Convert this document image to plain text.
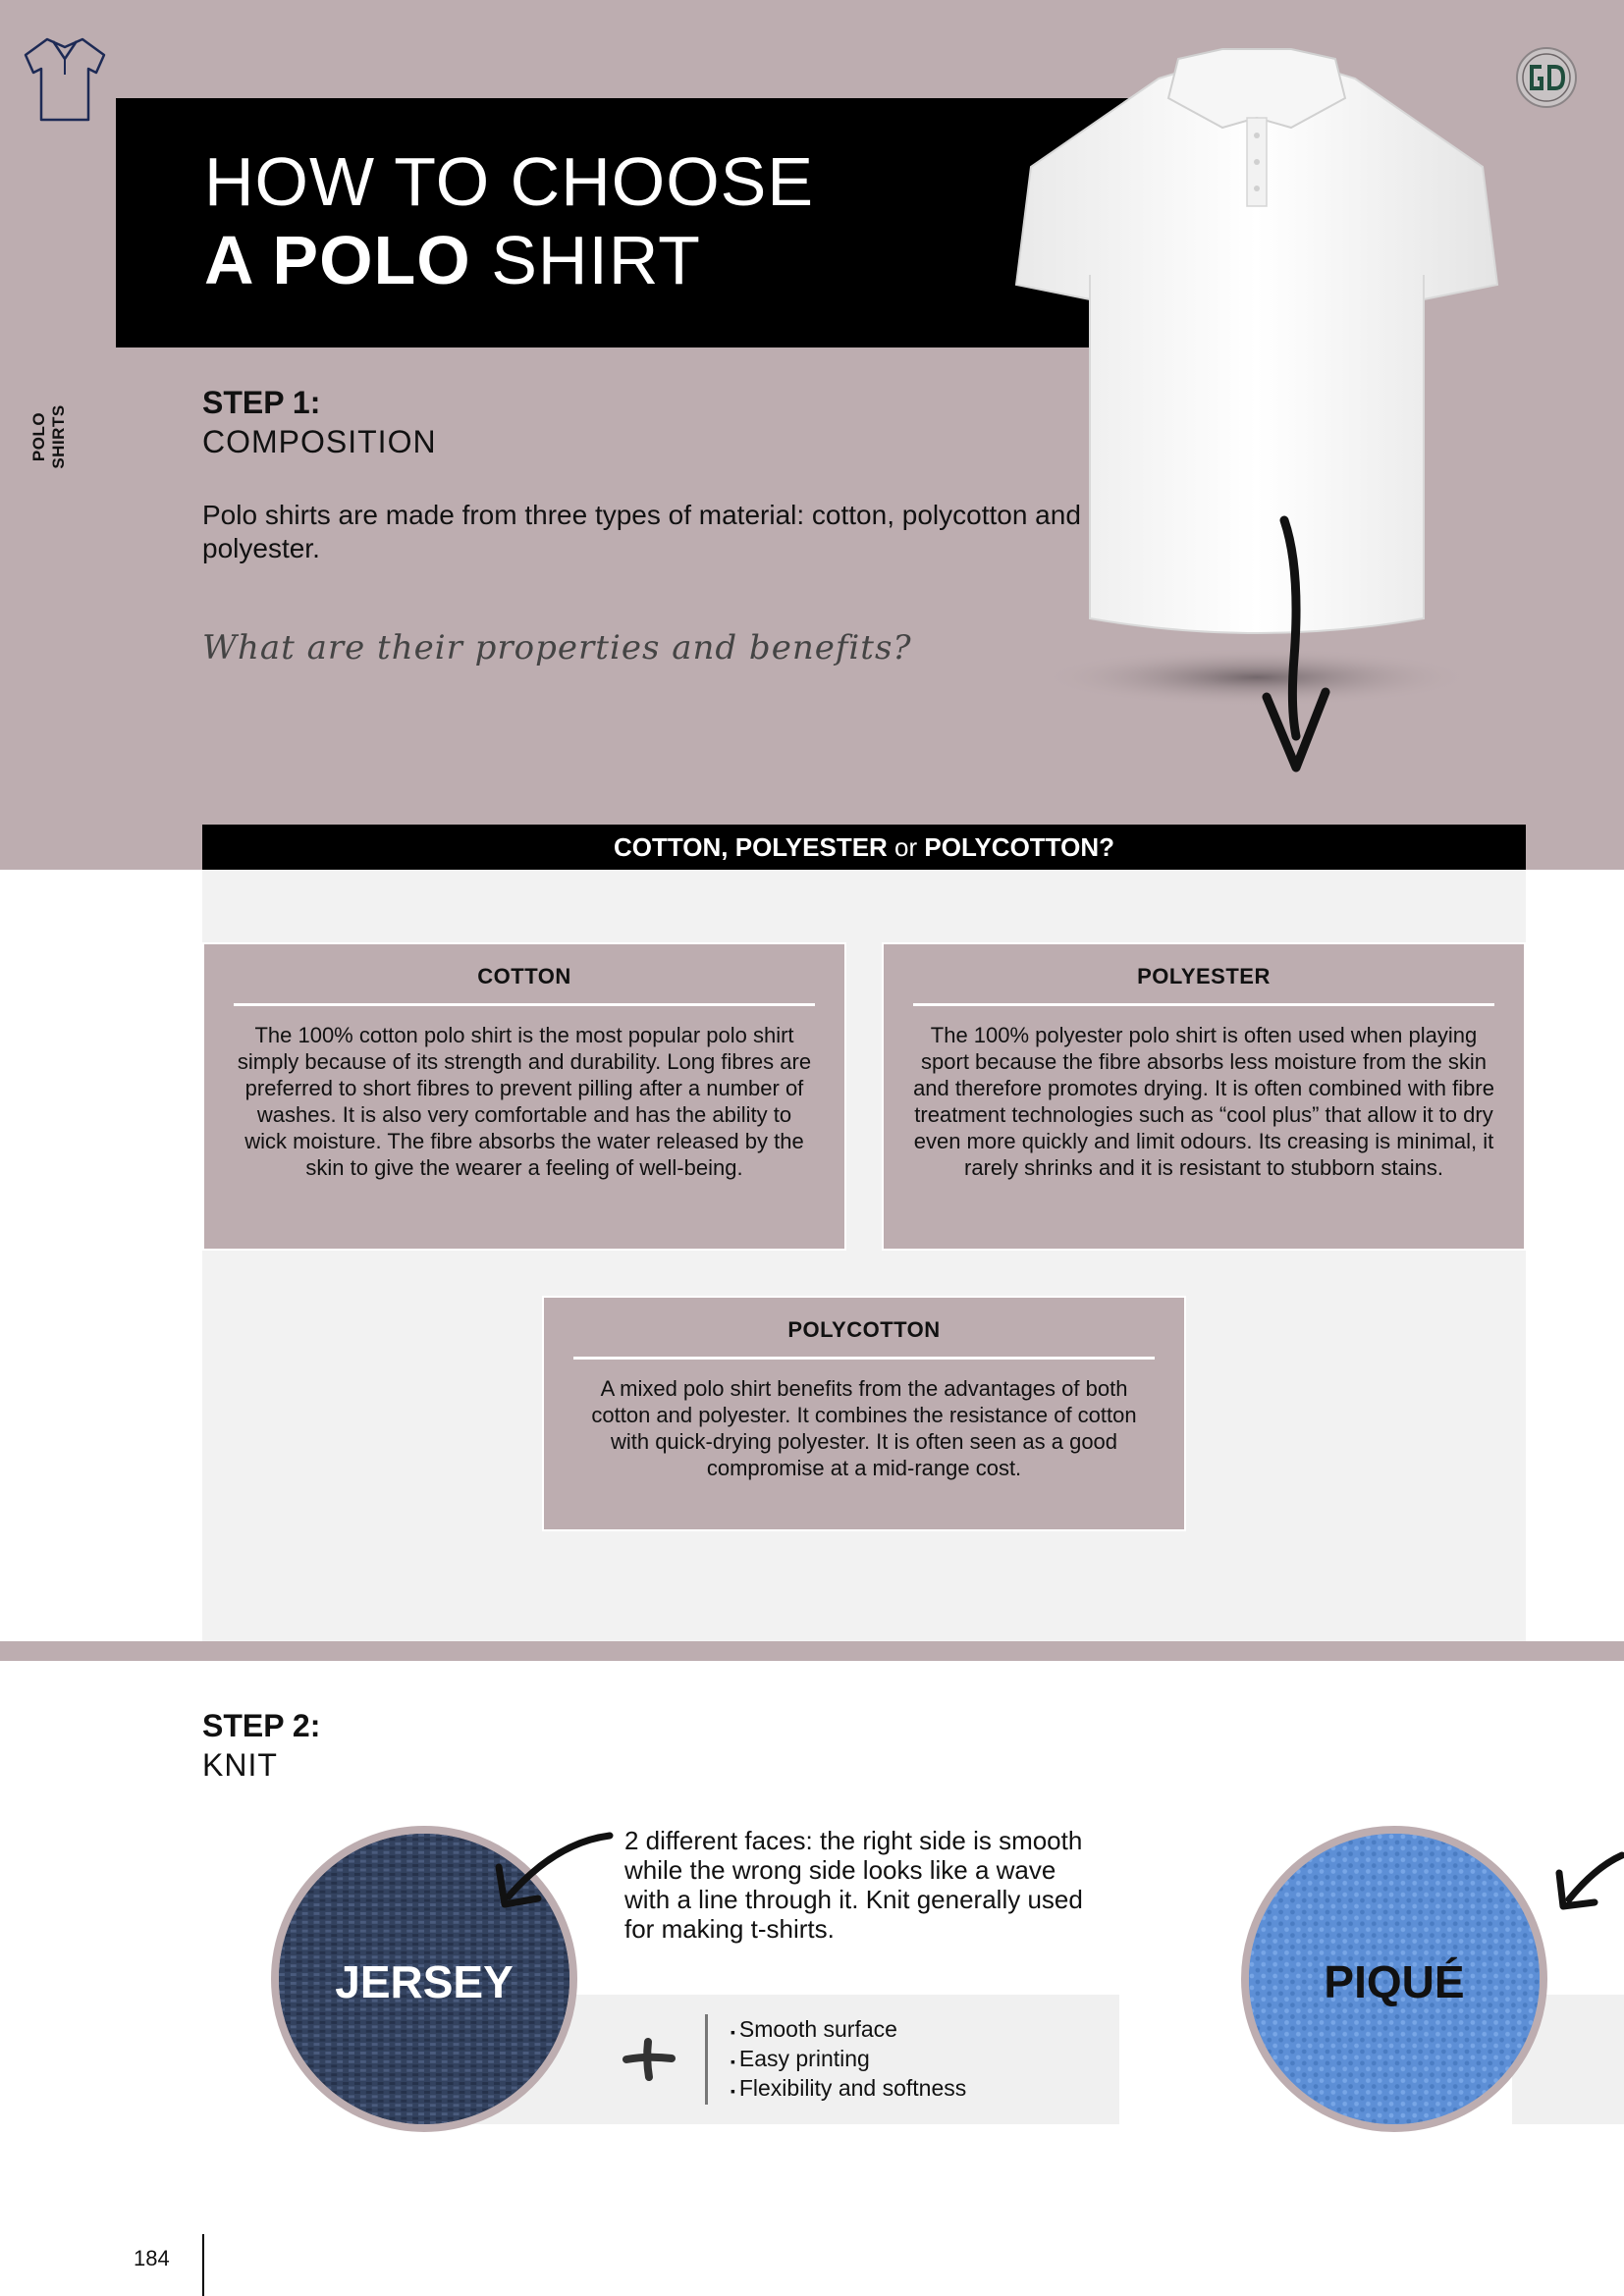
POLO SHIRTS
HOW TO CHOOSE
A POLO SHIRT
STEP 1:
COMPOSITION
Polo shirts are made from three types of material: cotton, polycotton and polyester.
What are their properties and benefits?
COTTON, POLYESTER or POLYCOTTON?
COTTON

The 100% cotton polo shirt is the most popular polo shirt simply because of its strength and durability. Long fibres are preferred to short fibres to prevent pilling after a number of washes. It is also very comfortable and has the ability to wick moisture. The fibre absorbs the water released by the skin to give the wearer a feeling of well-being.

POLYESTER

The 100% polyester polo shirt is often used when playing sport because the fibre absorbs less moisture from the skin and therefore promotes drying. It is often combined with fibre treatment technologies such as “cool plus” that allow it to dry even more quickly and limit odours. Its creasing is minimal, it rarely shrinks and it is resistant to stubborn stains.

POLYCOTTON

A mixed polo shirt benefits from the advantages of both cotton and polyester. It combines the resistance of cotton with quick-drying polyester. It is often seen as a good compromise at a mid-range cost.

STEP 2:
KNIT
JERSEY	PIQUÉ
2 different faces: the right side is smooth while the wrong side looks like a wave with a line through it. Knit generally used for making t-shirts.
▪ Smooth surface
▪ Easy printing
▪ Flexibility and softness
184
